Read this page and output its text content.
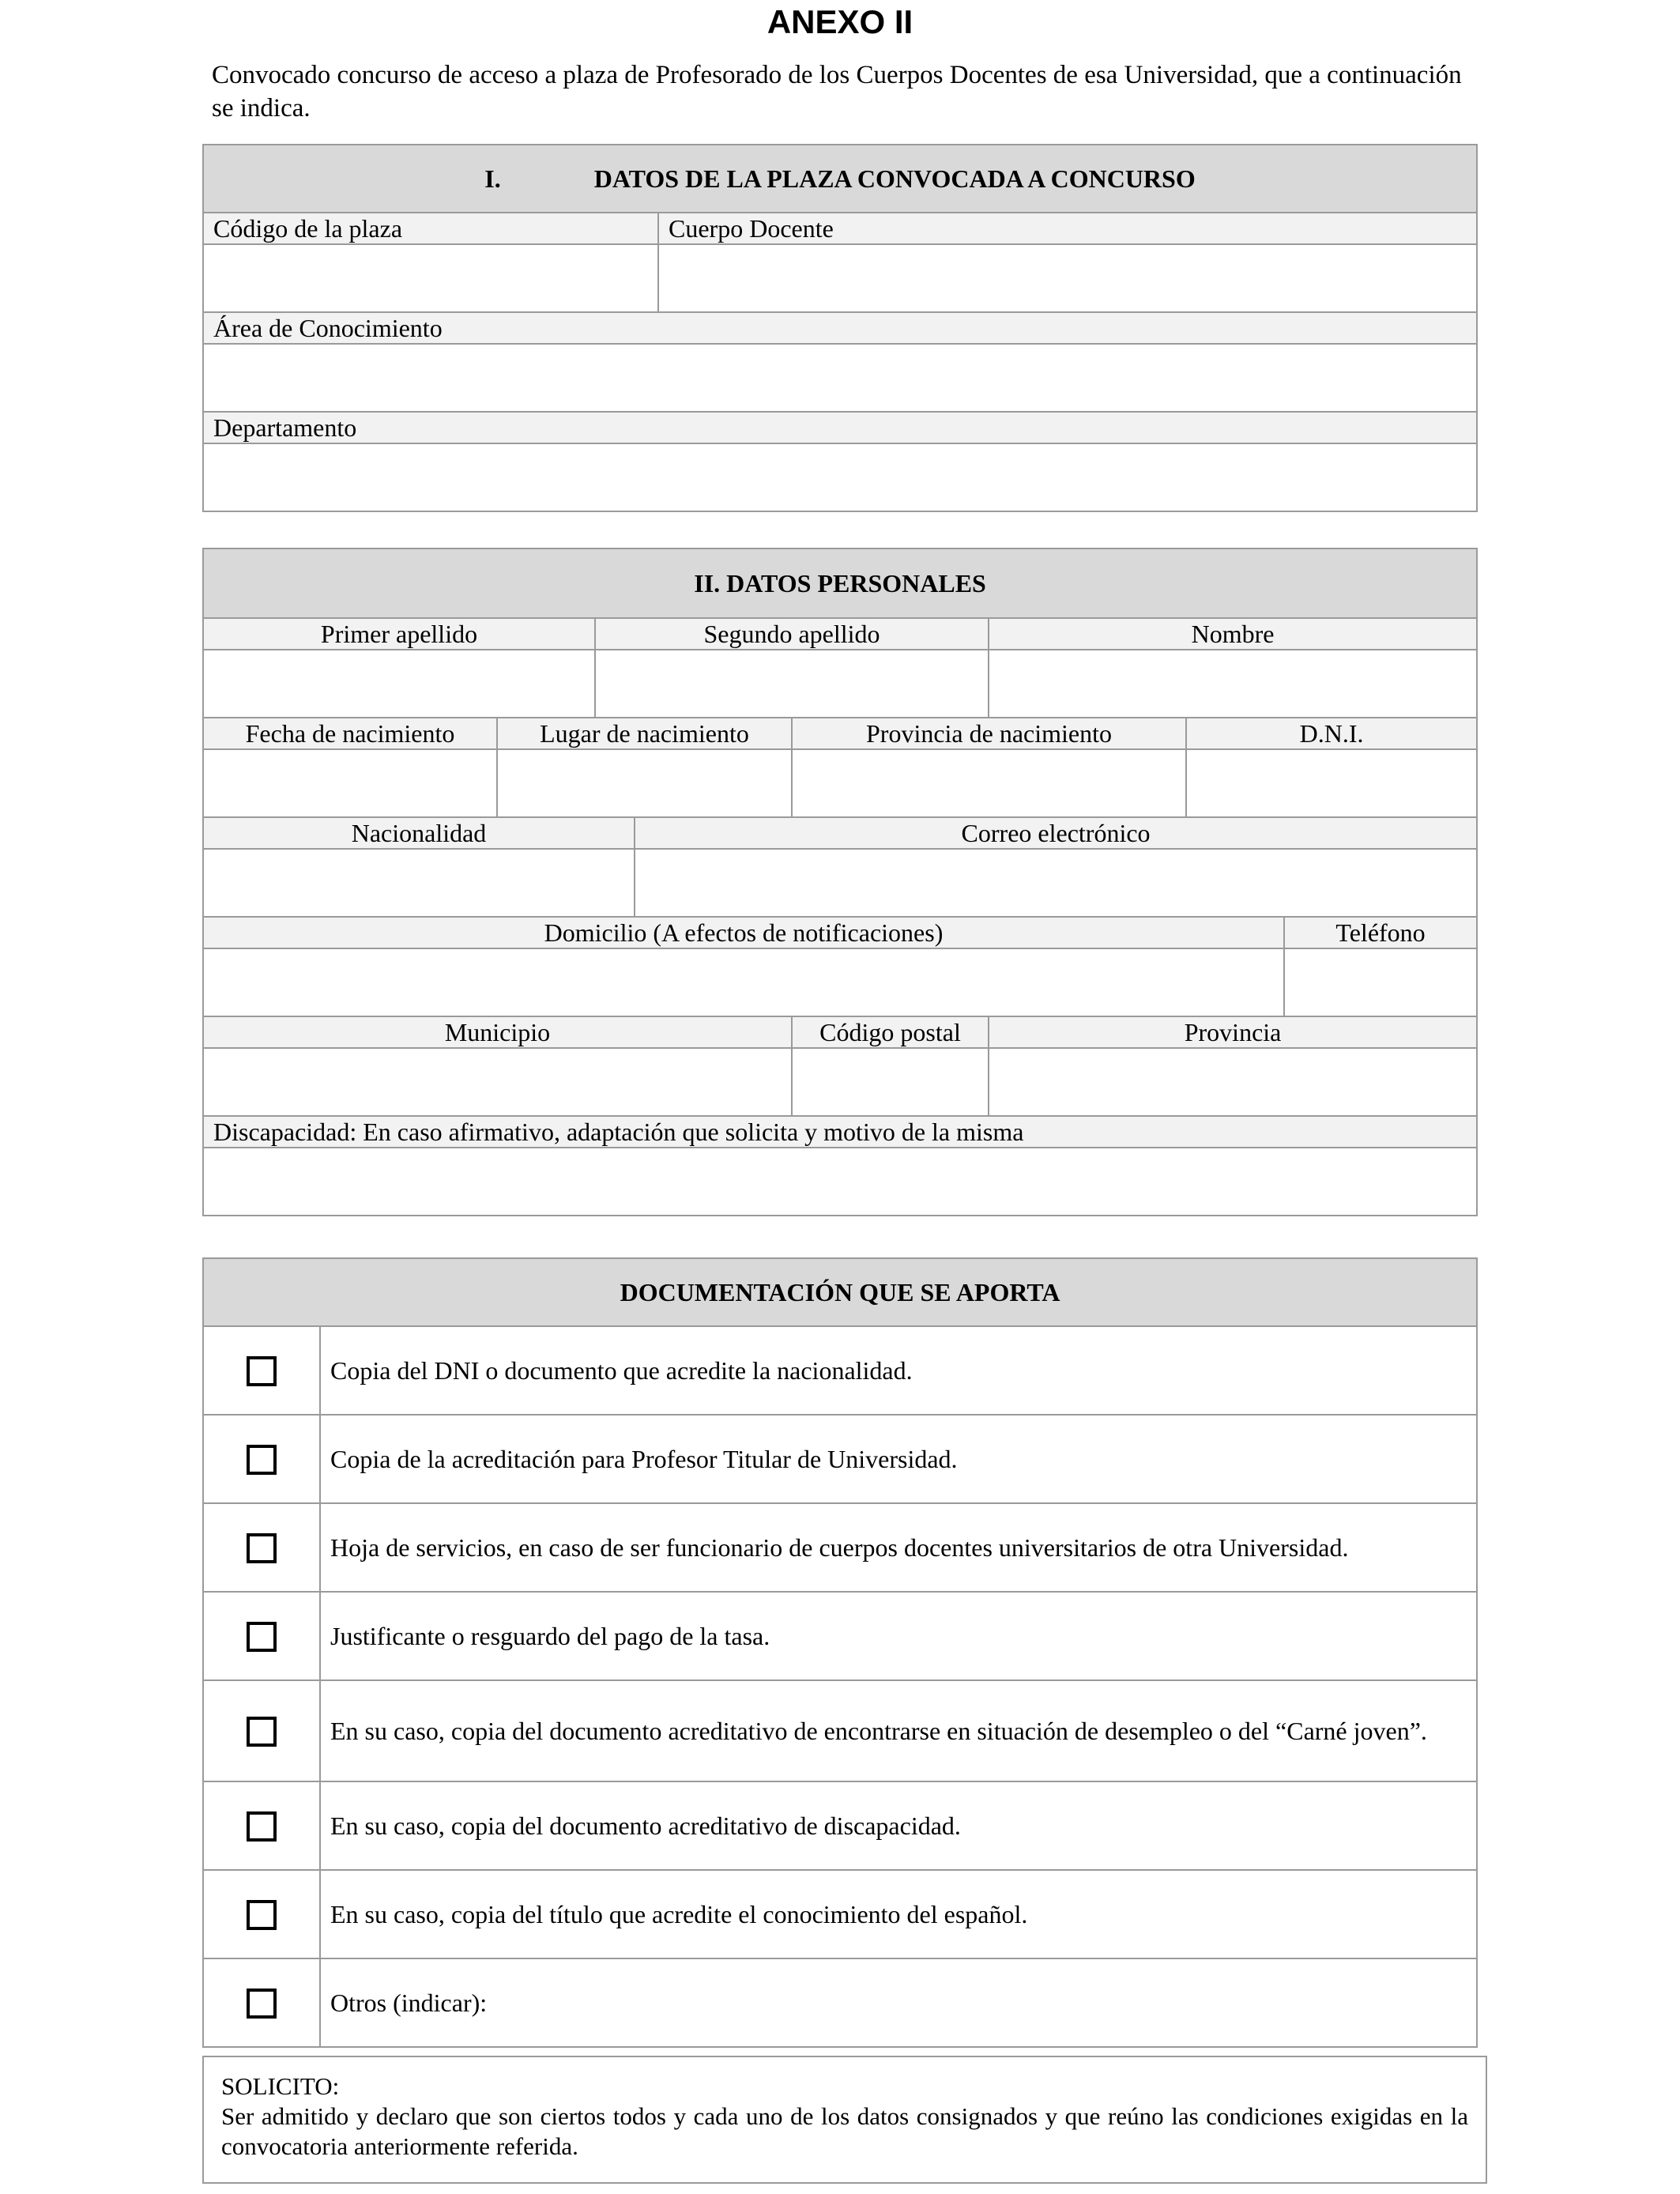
ANEXO II
Convocado concurso de acceso a plaza de Profesorado de los Cuerpos Docentes de esa Universidad, que a continuación se indica.
I. DATOS DE LA PLAZA CONVOCADA A CONCURSO	
Código de la plaza	Cuerpo Docente

Área de Conocimiento	

Departamento	

II. DATOS PERSONALES							
Primer apellido		Segundo apellido			Nombre		

Fecha de nacimiento	Lugar de nacimiento			Provincia de nacimiento		D.N.I.	

Nacionalidad			Correo electrónico				

Domicilio (A efectos de notificaciones)							Teléfono

Municipio				Código postal	Provincia		

Discapacidad: En caso afirmativo, adaptación que solicita y motivo de la misma							

DOCUMENTACIÓN QUE SE APORTA	
	Copia del DNI o documento que acredite la nacionalidad.
	Copia de la acreditación para Profesor Titular de Universidad.
	Hoja de servicios, en caso de ser funcionario de cuerpos docentes universitarios de otra Universidad.
	Justificante o resguardo del pago de la tasa.
	En su caso, copia del documento acreditativo de encontrarse en situación de desempleo o del “Carné joven”.
	En su caso, copia del documento acreditativo de discapacidad.
	En su caso, copia del título que acredite el conocimiento del español.
	Otros (indicar):
SOLICITO:
Ser admitido y declaro que son ciertos todos y cada uno de los datos consignados y que reúno las condiciones exigidas en la convocatoria anteriormente referida.
